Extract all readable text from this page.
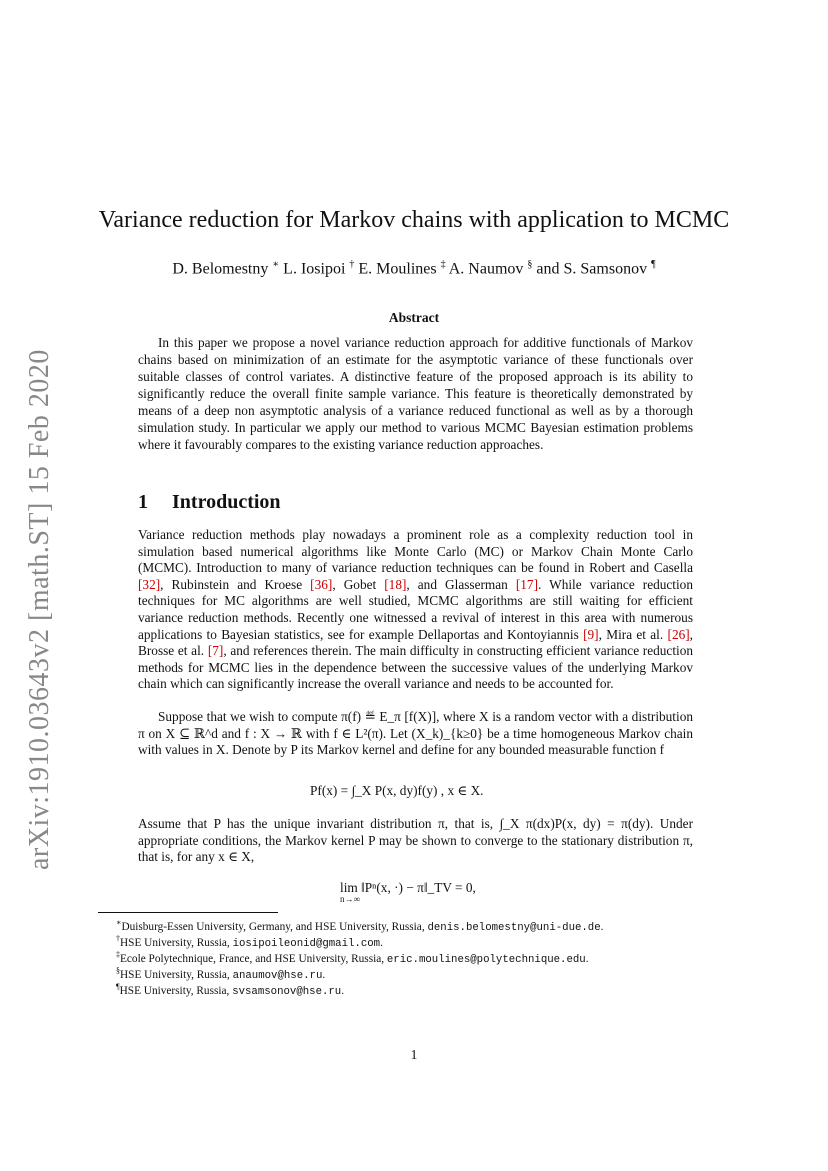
arXiv:1910.03643v2 [math.ST] 15 Feb 2020
Variance reduction for Markov chains with application to MCMC
D. Belomestny ∗ L. Iosipoi † E. Moulines ‡ A. Naumov § and S. Samsonov ¶
Abstract
In this paper we propose a novel variance reduction approach for additive functionals of Markov chains based on minimization of an estimate for the asymptotic variance of these functionals over suitable classes of control variates. A distinctive feature of the proposed approach is its ability to significantly reduce the overall finite sample variance. This feature is theoretically demonstrated by means of a deep non asymptotic analysis of a variance reduced functional as well as by a thorough simulation study. In particular we apply our method to various MCMC Bayesian estimation problems where it favourably compares to the existing variance reduction approaches.
1 Introduction
Variance reduction methods play nowadays a prominent role as a complexity reduction tool in simulation based numerical algorithms like Monte Carlo (MC) or Markov Chain Monte Carlo (MCMC). Introduction to many of variance reduction techniques can be found in Robert and Casella [32], Rubinstein and Kroese [36], Gobet [18], and Glasserman [17]. While variance reduction techniques for MC algorithms are well studied, MCMC algorithms are still waiting for efficient variance reduction methods. Recently one witnessed a revival of interest in this area with numerous applications to Bayesian statistics, see for example Dellaportas and Kontoyiannis [9], Mira et al. [26], Brosse et al. [7], and references therein. The main difficulty in constructing efficient variance reduction methods for MCMC lies in the dependence between the successive values of the underlying Markov chain which can significantly increase the overall variance and needs to be accounted for.
Suppose that we wish to compute π(f) ≝ E_π [f(X)], where X is a random vector with a distribution π on X ⊆ ℝ^d and f : X → ℝ with f ∈ L²(π). Let (X_k)_{k≥0} be a time homogeneous Markov chain with values in X. Denote by P its Markov kernel and define for any bounded measurable function f
Pf(x) = ∫_X P(x, dy)f(y) , x ∈ X.
Assume that P has the unique invariant distribution π, that is, ∫_X π(dx)P(x, dy) = π(dy). Under appropriate conditions, the Markov kernel P may be shown to converge to the stationary distribution π, that is, for any x ∈ X,
lim ‖Pⁿ(x, ·) − π‖_TV = 0,
n→∞
∗Duisburg-Essen University, Germany, and HSE University, Russia, denis.belomestny@uni-due.de.
†HSE University, Russia, iosipoileonid@gmail.com.
‡Ecole Polytechnique, France, and HSE University, Russia, eric.moulines@polytechnique.edu.
§HSE University, Russia, anaumov@hse.ru.
¶HSE University, Russia, svsamsonov@hse.ru.
1
